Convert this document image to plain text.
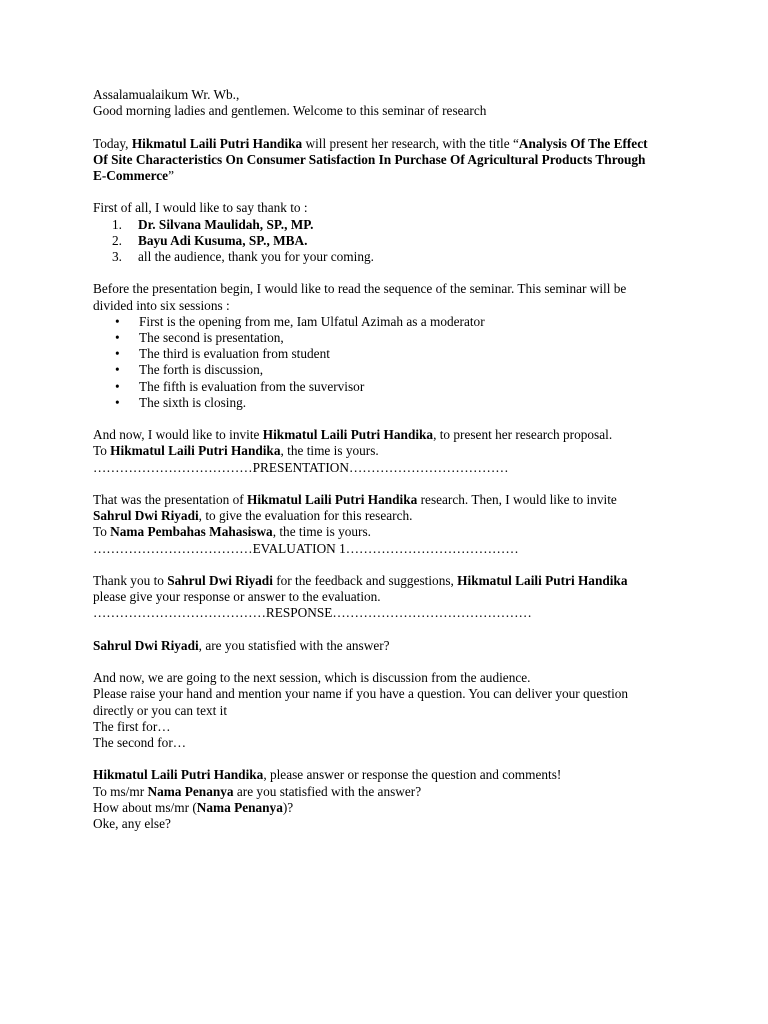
Assalamualaikum Wr. Wb.,
Good morning ladies and gentlemen. Welcome to this seminar of research
Today, Hikmatul Laili Putri Handika will present her research, with the title “Analysis Of The Effect
Of Site Characteristics On Consumer Satisfaction In Purchase Of Agricultural Products Through
E-Commerce”
First of all, I would like to say thank to :
1. Dr. Silvana Maulidah, SP., MP.
2. Bayu Adi Kusuma, SP., MBA.
3. all the audience, thank you for your coming.
Before the presentation begin, I would like to read the sequence of the seminar. This seminar will be
divided into six sessions :
• First is the opening from me, Iam Ulfatul Azimah as a moderator
• The second is presentation,
• The third is evaluation from student
• The forth is discussion,
• The fifth is evaluation from the suvervisor
• The sixth is closing.
And now, I would like to invite Hikmatul Laili Putri Handika, to present her research proposal.
To Hikmatul Laili Putri Handika, the time is yours.
………………………………PRESENTATION………………………………
That was the presentation of Hikmatul Laili Putri Handika research. Then, I would like to invite
Sahrul Dwi Riyadi, to give the evaluation for this research.
To Nama Pembahas Mahasiswa, the time is yours.
………………………………EVALUATION 1…………………………………
Thank you to Sahrul Dwi Riyadi for the feedback and suggestions, Hikmatul Laili Putri Handika
please give your response or answer to the evaluation.
…………………………………RESPONSE………………………………………
Sahrul Dwi Riyadi, are you statisfied with the answer?
And now, we are going to the next session, which is discussion from the audience.
Please raise your hand and mention your name if you have a question. You can deliver your question
directly or you can text it
The first for…
The second for…
Hikmatul Laili Putri Handika, please answer or response the question and comments!
To ms/mr Nama Penanya are you statisfied with the answer?
How about ms/mr (Nama Penanya)?
Oke, any else?
